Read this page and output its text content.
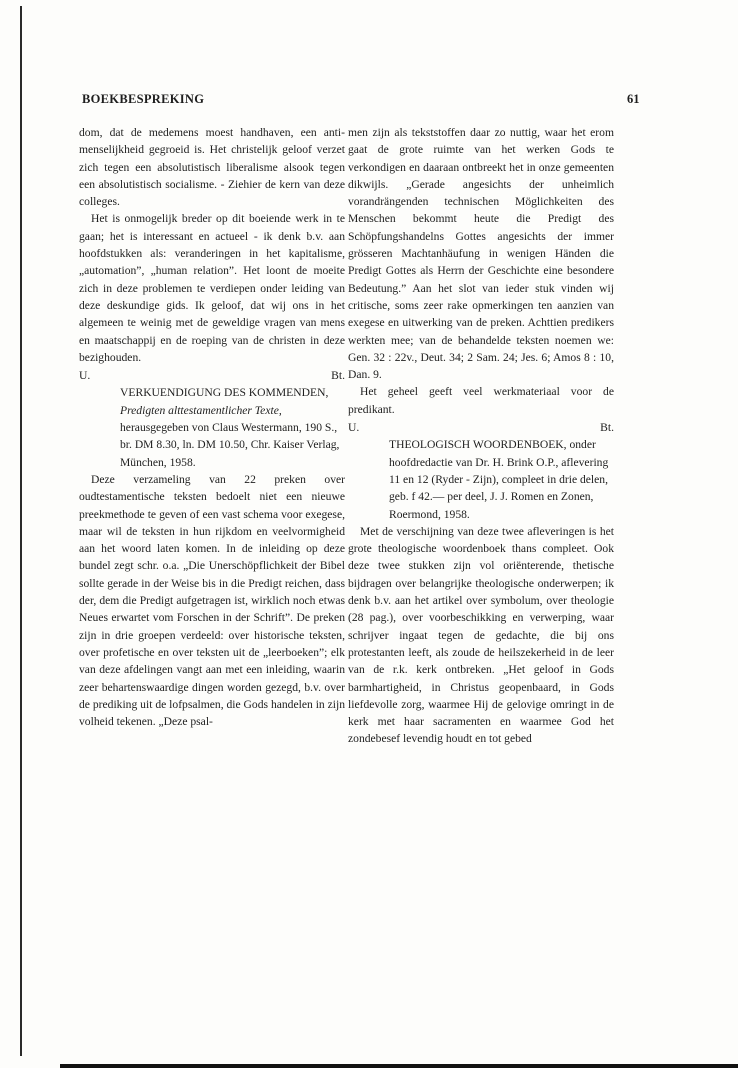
BOEKBESPREKING	61

dom, dat de medemens moest handhaven, een anti-menselijkheid gegroeid is. Het christelijk geloof verzet zich tegen een absolutistisch liberalisme alsook tegen een absolutistisch socialisme. - Ziehier de kern van deze colleges.

Het is onmogelijk breder op dit boeiende werk in te gaan; het is interessant en actueel - ik denk b.v. aan hoofdstukken als: veranderingen in het kapitalisme, „automation”, „human relation”. Het loont de moeite zich in deze problemen te verdiepen onder leiding van deze deskundige gids. Ik geloof, dat wij ons in het algemeen te weinig met de geweldige vragen van mens en maatschappij en de roeping van de christen in deze bezighouden.

U.	Bt.

VERKUENDIGUNG DES KOMMENDEN, Predigten alttestamentlicher Texte, herausgegeben von Claus Westermann, 190 S., br. DM 8.30, ln. DM 10.50, Chr. Kaiser Verlag, München, 1958.

Deze verzameling van 22 preken over oudtestamentische teksten bedoelt niet een nieuwe preekmethode te geven of een vast schema voor exegese, maar wil de teksten in hun rijkdom en veelvormigheid aan het woord laten komen. In de inleiding op deze bundel zegt schr. o.a. „Die Unerschöpflichkeit der Bibel sollte gerade in der Weise bis in die Predigt reichen, dass der, dem die Predigt aufgetragen ist, wirklich noch etwas Neues erwartet vom Forschen in der Schrift”. De preken zijn in drie groepen verdeeld: over historische teksten, over profetische en over teksten uit de „leerboeken”; elk van deze afdelingen vangt aan met een inleiding, waarin zeer behartenswaardige dingen worden gezegd, b.v. over de prediking uit de lofpsalmen, die Gods handelen in zijn volheid tekenen. „Deze psal-

men zijn als tekststoffen daar zo nuttig, waar het erom gaat de grote ruimte van het werken Gods te verkondigen en daaraan ontbreekt het in onze gemeenten dikwijls. „Gerade angesichts der unheimlich vorandrängenden technischen Möglichkeiten des Menschen bekommt heute die Predigt des Schöpfungshandelns Gottes angesichts der immer grösseren Machtanhäufung in wenigen Händen die Predigt Gottes als Herrn der Geschichte eine besondere Bedeutung.” Aan het slot van ieder stuk vinden wij critische, soms zeer rake opmerkingen ten aanzien van exegese en uitwerking van de preken. Achttien predikers werkten mee; van de behandelde teksten noemen we: Gen. 32 : 22v., Deut. 34; 2 Sam. 24; Jes. 6; Amos 8 : 10, Dan. 9.

Het geheel geeft veel werkmateriaal voor de predikant.

U.	Bt.

THEOLOGISCH WOORDENBOEK, onder hoofdredactie van Dr. H. Brink O.P., aflevering 11 en 12 (Ryder - Zijn), compleet in drie delen, geb. f 42.— per deel, J. J. Romen en Zonen, Roermond, 1958.

Met de verschijning van deze twee afleveringen is het grote theologische woordenboek thans compleet. Ook deze twee stukken zijn vol oriënterende, thetische bijdragen over belangrijke theologische onderwerpen; ik denk b.v. aan het artikel over symbolum, over theologie (28 pag.), over voorbeschikking en verwerping, waar schrijver ingaat tegen de gedachte, die bij ons protestanten leeft, als zoude de heilszekerheid in de leer van de r.k. kerk ontbreken. „Het geloof in Gods barmhartigheid, in Christus geopenbaard, in Gods liefdevolle zorg, waarmee Hij de gelovige omringt in de kerk met haar sacramenten en waarmee God het zondebesef levendig houdt en tot gebed
